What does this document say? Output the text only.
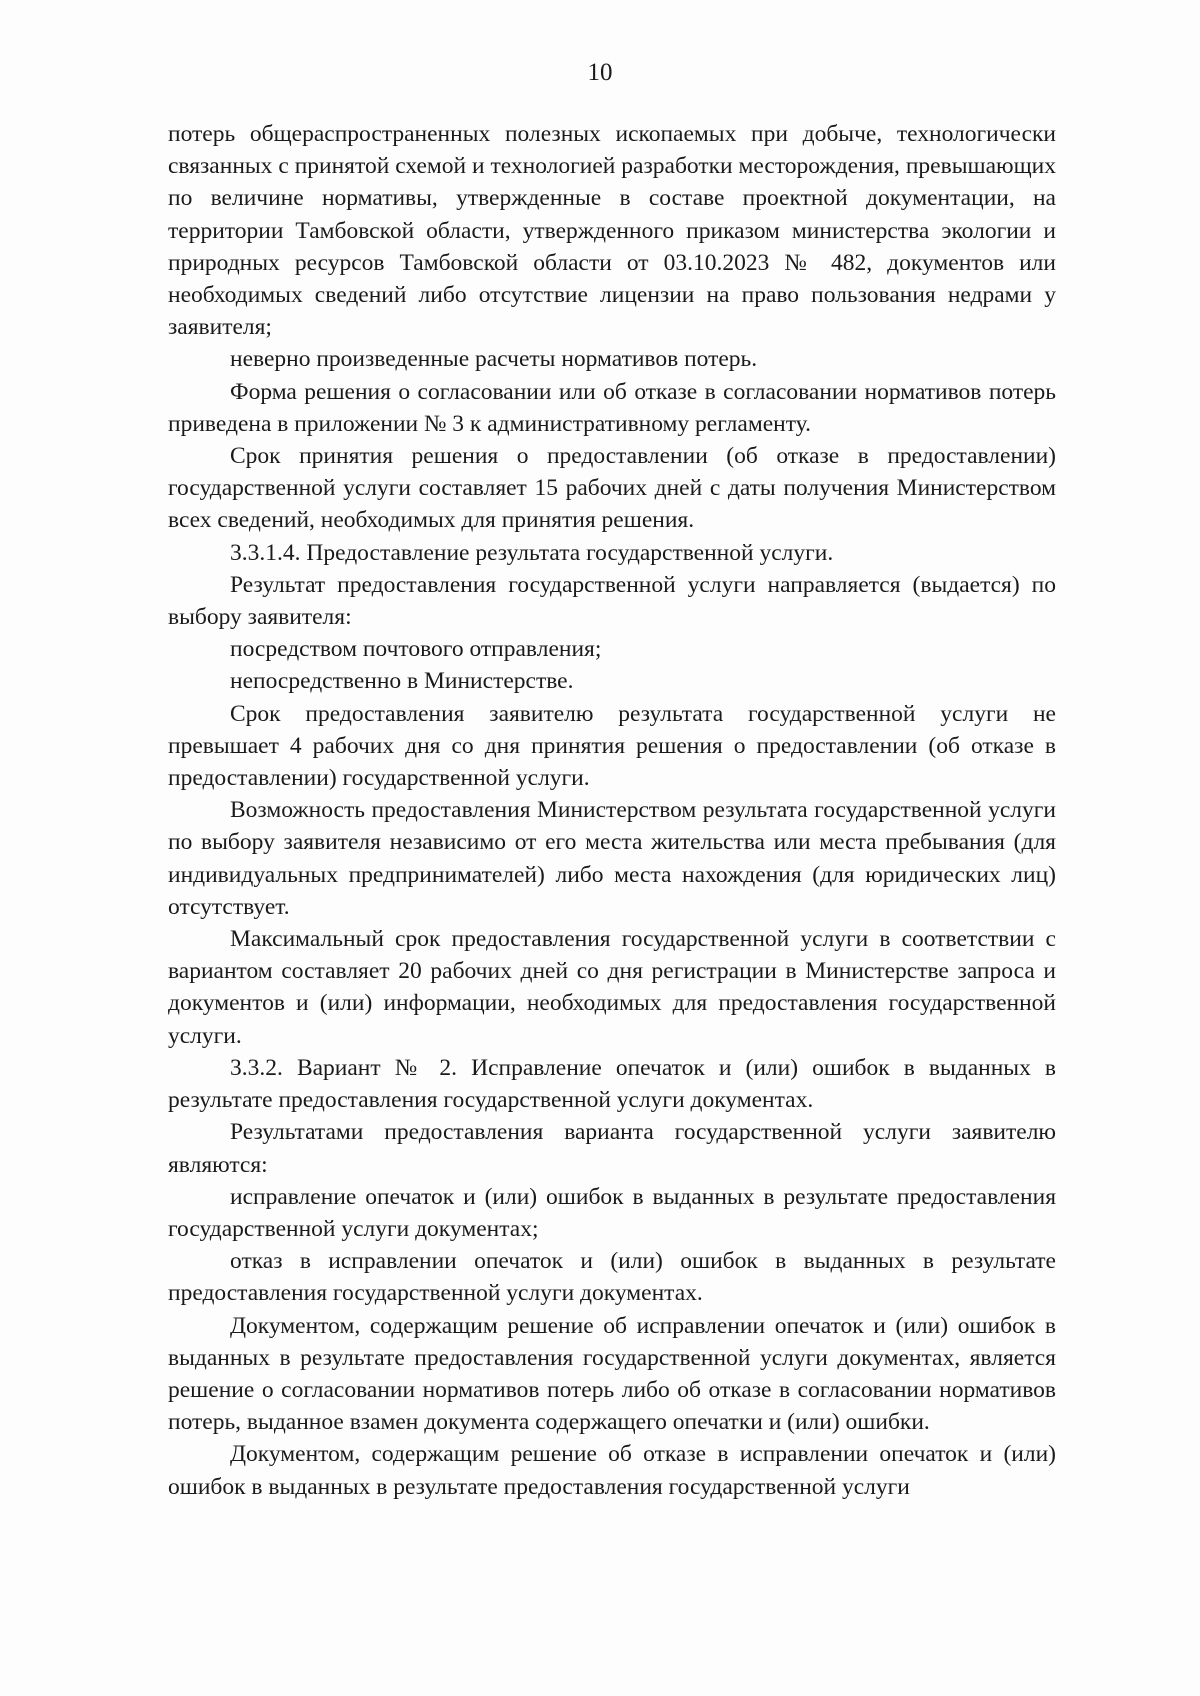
10

потерь общераспространенных полезных ископаемых при добыче, технологически связанных с принятой схемой и технологией разработки месторождения, превышающих по величине нормативы, утвержденные в составе проектной документации, на территории Тамбовской области, утвержденного приказом министерства экологии и природных ресурсов Тамбовской области от 03.10.2023 № 482, документов или необходимых сведений либо отсутствие лицензии на право пользования недрами у заявителя;

неверно произведенные расчеты нормативов потерь.

Форма решения о согласовании или об отказе в согласовании нормативов потерь приведена в приложении № 3 к административному регламенту.

Срок принятия решения о предоставлении (об отказе в предоставлении) государственной услуги составляет 15 рабочих дней с даты получения Министерством всех сведений, необходимых для принятия решения.

3.3.1.4. Предоставление результата государственной услуги.

Результат предоставления государственной услуги направляется (выдается) по выбору заявителя:

посредством почтового отправления;

непосредственно в Министерстве.

Срок предоставления заявителю результата государственной услуги не превышает 4 рабочих дня со дня принятия решения о предоставлении (об отказе в предоставлении) государственной услуги.

Возможность предоставления Министерством результата государственной услуги по выбору заявителя независимо от его места жительства или места пребывания (для индивидуальных предпринимателей) либо места нахождения (для юридических лиц) отсутствует.

Максимальный срок предоставления государственной услуги в соответствии с вариантом составляет 20 рабочих дней со дня регистрации в Министерстве запроса и документов и (или) информации, необходимых для предоставления государственной услуги.

3.3.2. Вариант № 2. Исправление опечаток и (или) ошибок в выданных в результате предоставления государственной услуги документах.

Результатами предоставления варианта государственной услуги заявителю являются:

исправление опечаток и (или) ошибок в выданных в результате предоставления государственной услуги документах;

отказ в исправлении опечаток и (или) ошибок в выданных в результате предоставления государственной услуги документах.

Документом, содержащим решение об исправлении опечаток и (или) ошибок в выданных в результате предоставления государственной услуги документах, является решение о согласовании нормативов потерь либо об отказе в согласовании нормативов потерь, выданное взамен документа содержащего опечатки и (или) ошибки.

Документом, содержащим решение об отказе в исправлении опечаток и (или) ошибок в выданных в результате предоставления государственной услуги
